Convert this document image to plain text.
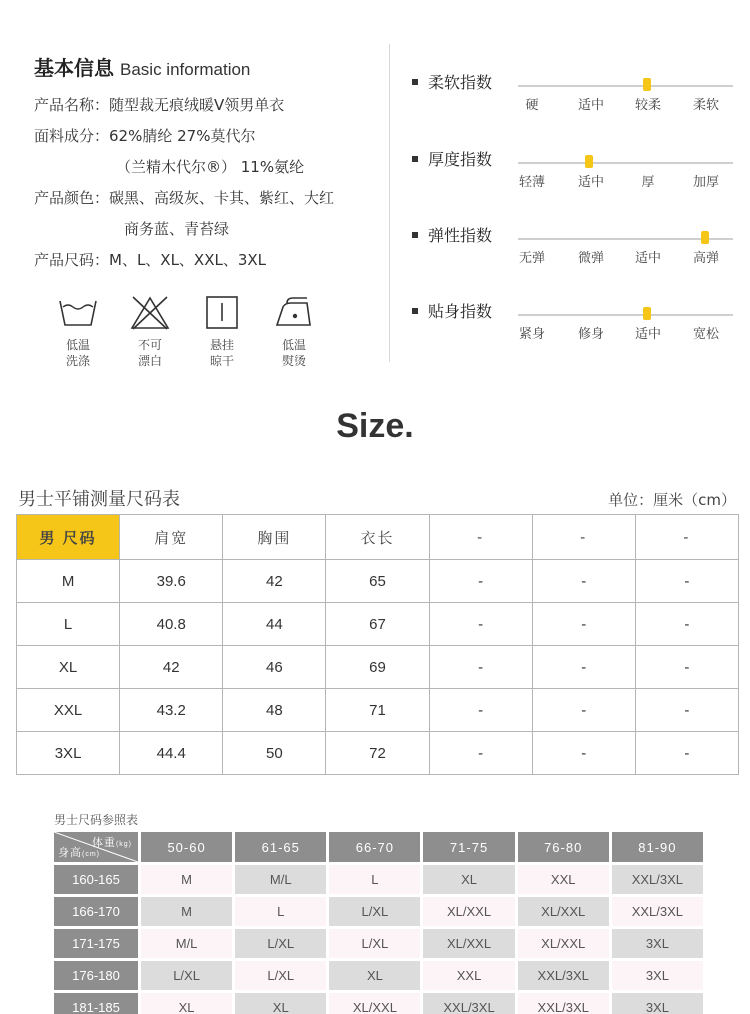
基本信息 Basic information
产品名称：随型裁无痕绒暖V领男单衣
面料成分：62%腈纶 27%莫代尔
（兰精木代尔®） 11%氨纶
产品颜色：碳黑、高级灰、卡其、紫红、大红
商务蓝、青苔绿
产品尺码：M、L、XL、XXL、3XL
低温
洗涤
不可
漂白
悬挂
晾干
低温
熨烫
柔软指数
硬	适中 较柔 柔软
厚度指数
轻薄	适中	厚	加厚
弹性指数
无弹	微弹 适中 高弹
贴身指数
紧身	修身 适中 宽松
Size.
男士平铺测量尺码表	单位：厘米（cm）
男 尺码	肩宽	胸围	衣长	-	-	-
M	39.6	42	65	-	-	-
L	40.8	44	67	-	-	-
XL	42	46	69	-	-	-
XXL	43.2	48	71	-	-	-
3XL	44.4	50	72	-	-	-
男士尺码参照表
体重(kg)
身高(cm)	50-60	61-65	66-70	71-75	76-80	81-90
160-165	M	M/L	L	XL	XXL	XXL/3XL
166-170	M	L	L/XL	XL/XXL	XL/XXL	XXL/3XL
171-175	M/L	L/XL	L/XL	XL/XXL	XL/XXL	3XL
176-180	L/XL	L/XL	XL	XXL	XXL/3XL	3XL
181-185	XL	XL	XL/XXL	XXL/3XL	XXL/3XL	3XL
